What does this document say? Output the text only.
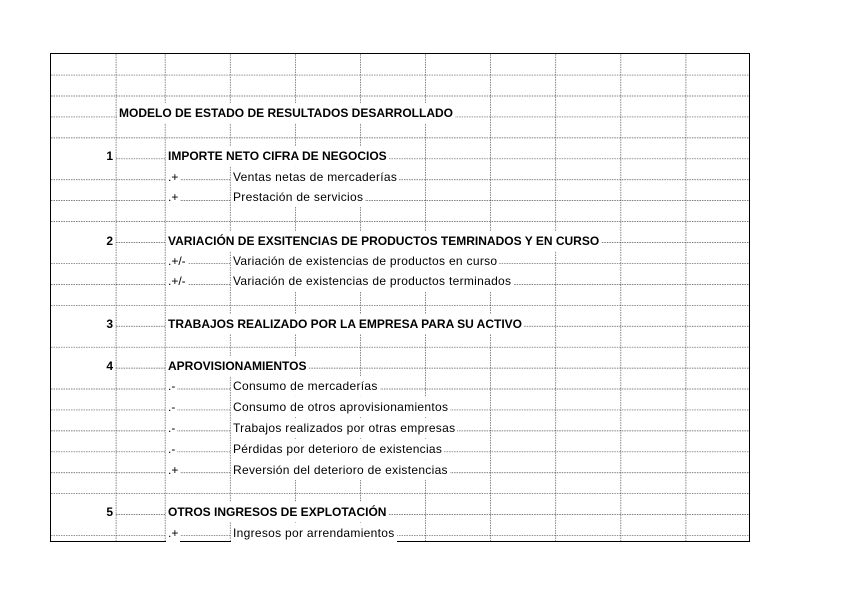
MODELO DE ESTADO DE RESULTADOS DESARROLLADO
1	IMPORTE NETO CIFRA DE NEGOCIOS
.+	Ventas netas de mercaderías
.+	Prestación de servicios
2	VARIACIÓN DE EXSITENCIAS DE PRODUCTOS TEMRINADOS Y EN CURSO
.+/-	Variación de existencias de productos en curso
.+/-	Variación de existencias de productos terminados
3	TRABAJOS REALIZADO POR LA EMPRESA PARA SU ACTIVO
4	APROVISIONAMIENTOS
.-	Consumo de mercaderías
.-	Consumo de otros aprovisionamientos
.-	Trabajos realizados por otras empresas
.-	Pérdidas por deterioro de existencias
.+	Reversión del deterioro de existencias
5	OTROS INGRESOS DE EXPLOTACIÓN
.+	Ingresos por arrendamientos
